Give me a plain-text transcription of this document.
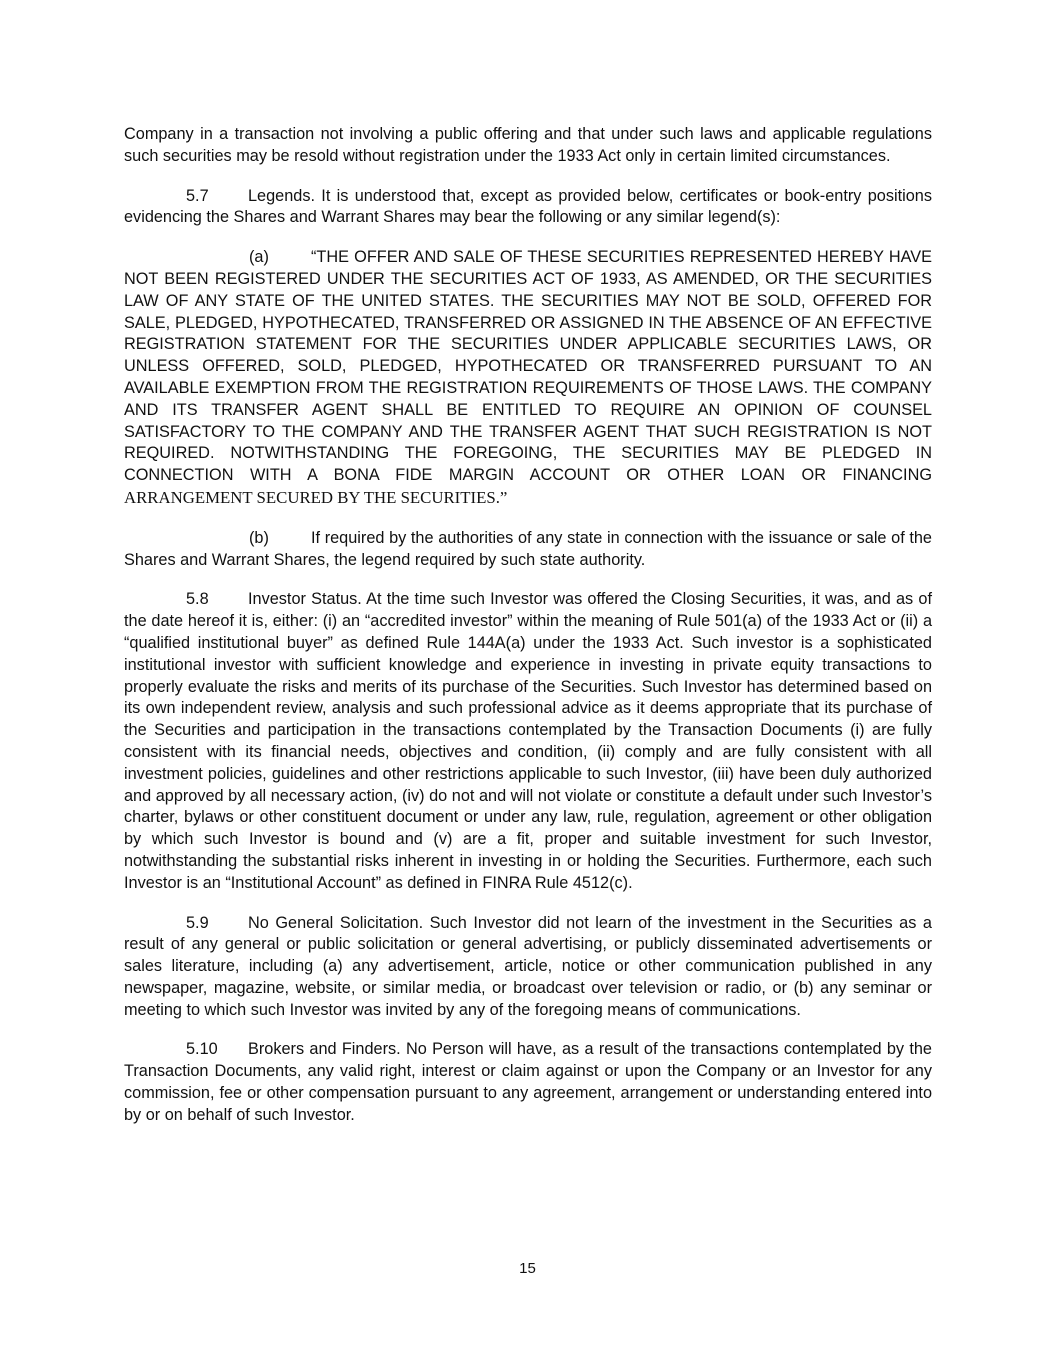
Company in a transaction not involving a public offering and that under such laws and applicable regulations such securities may be resold without registration under the 1933 Act only in certain limited circumstances.

5.7 Legends. It is understood that, except as provided below, certificates or book-entry positions evidencing the Shares and Warrant Shares may bear the following or any similar legend(s):

(a)	“THE OFFER AND SALE OF THESE SECURITIES REPRESENTED HEREBY HAVE NOT BEEN REGISTERED UNDER THE SECURITIES ACT OF 1933, AS AMENDED, OR THE SECURITIES LAW OF ANY STATE OF THE UNITED STATES. THE SECURITIES MAY NOT BE SOLD, OFFERED FOR SALE, PLEDGED, HYPOTHECATED, TRANSFERRED OR ASSIGNED IN THE ABSENCE OF AN EFFECTIVE REGISTRATION STATEMENT FOR THE SECURITIES UNDER APPLICABLE SECURITIES LAWS, OR UNLESS OFFERED, SOLD, PLEDGED, HYPOTHECATED OR TRANSFERRED PURSUANT TO AN AVAILABLE EXEMPTION FROM THE REGISTRATION REQUIREMENTS OF THOSE LAWS. THE COMPANY AND ITS TRANSFER AGENT SHALL BE ENTITLED TO REQUIRE AN OPINION OF COUNSEL SATISFACTORY TO THE COMPANY AND THE TRANSFER AGENT THAT SUCH REGISTRATION IS NOT REQUIRED. NOTWITHSTANDING THE FOREGOING, THE SECURITIES MAY BE PLEDGED IN CONNECTION WITH A BONA FIDE MARGIN ACCOUNT OR OTHER LOAN OR FINANCING ARRANGEMENT SECURED BY THE SECURITIES.”

(b)	If required by the authorities of any state in connection with the issuance or sale of the Shares and Warrant Shares, the legend required by such state authority.

5.8 Investor Status. At the time such Investor was offered the Closing Securities, it was, and as of the date hereof it is, either: (i) an “accredited investor” within the meaning of Rule 501(a) of the 1933 Act or (ii) a “qualified institutional buyer” as defined Rule 144A(a) under the 1933 Act. Such investor is a sophisticated institutional investor with sufficient knowledge and experience in investing in private equity transactions to properly evaluate the risks and merits of its purchase of the Securities. Such Investor has determined based on its own independent review, analysis and such professional advice as it deems appropriate that its purchase of the Securities and participation in the transactions contemplated by the Transaction Documents (i) are fully consistent with its financial needs, objectives and condition, (ii) comply and are fully consistent with all investment policies, guidelines and other restrictions applicable to such Investor, (iii) have been duly authorized and approved by all necessary action, (iv) do not and will not violate or constitute a default under such Investor’s charter, bylaws or other constituent document or under any law, rule, regulation, agreement or other obligation by which such Investor is bound and (v) are a fit, proper and suitable investment for such Investor, notwithstanding the substantial risks inherent in investing in or holding the Securities. Furthermore, each such Investor is an “Institutional Account” as defined in FINRA Rule 4512(c).

5.9 No General Solicitation. Such Investor did not learn of the investment in the Securities as a result of any general or public solicitation or general advertising, or publicly disseminated advertisements or sales literature, including (a) any advertisement, article, notice or other communication published in any newspaper, magazine, website, or similar media, or broadcast over television or radio, or (b) any seminar or meeting to which such Investor was invited by any of the foregoing means of communications.

5.10 Brokers and Finders. No Person will have, as a result of the transactions contemplated by the Transaction Documents, any valid right, interest or claim against or upon the Company or an Investor for any commission, fee or other compensation pursuant to any agreement, arrangement or understanding entered into by or on behalf of such Investor.

15
